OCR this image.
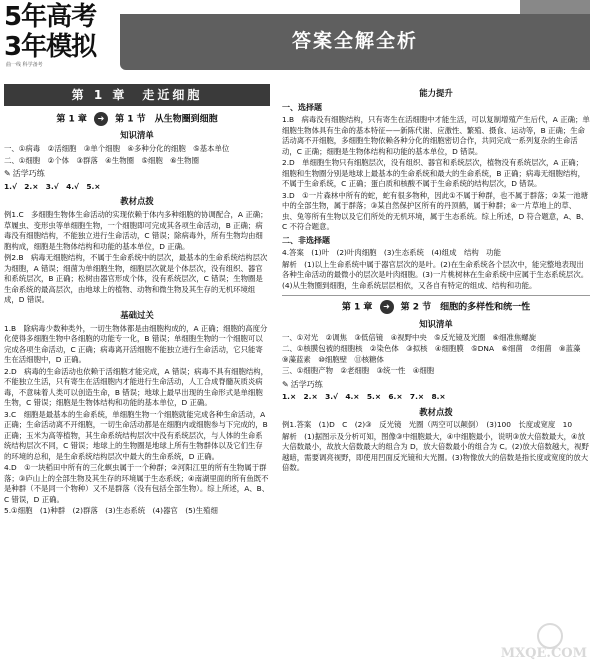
5年高考
3年模拟
曲一线 科学备考
答案全解全析
第 1 章　走近细胞
第 1 章 ➜ 第 1 节　从生物圈到细胞
知识清单

一、①病毒　②活细胞　③单个细胞　④多种分化的细胞　⑤基本单位

二、①细胞　②个体　③群落　④生物圈　⑤细胞　⑥生物圈

✎ 活学巧练

1.√　2.×　3.√　4.√　5.×

教材点拨

例1.C　多细胞生物体生命活动的实现依赖于体内多种细胞的协调配合，A 正确；草履虫、变形虫等单细胞生物，一个细胞即可完成其各项生命活动，B 正确；病毒没有细胞结构，不能独立进行生命活动，C 错误；除病毒外，所有生物均由细胞构成，细胞是生物体结构和功能的基本单位，D 正确。

例2.B　病毒无细胞结构，不属于生命系统中的层次，最基本的生命系统结构层次为细胞，A 错误；细菌为单细胞生物，细胞层次就是个体层次，没有组织、器官和系统层次，B 正确；松树由器官形成个体，没有系统层次，C 错误；生物圈是生命系统的最高层次，由地球上的植物、动物和微生物及其生存的无机环境组成，D 错误。

基础过关

1.B　除病毒少数种类外，一切生物体都是由细胞构成的，A 正确；细胞的高度分化使得多细胞生物中各细胞的功能专一化，B 错误；单细胞生物的一个细胞可以完成各项生命活动，C 正确；病毒离开活细胞不能独立进行生命活动，它只能寄生在活细胞中，D 正确。

2.D　病毒的生命活动也依赖于活细胞才能完成，A 错误；病毒不具有细胞结构，不能独立生活，只有寄生在活细胞内才能进行生命活动，人工合成脊髓灰质炎病毒，不意味着人类可以创造生命，B 错误；地球上最早出现的生命形式是单细胞生物，C 错误；细胞是生物体结构和功能的基本单位，D 正确。

3.C　细胞是最基本的生命系统，单细胞生物一个细胞就能完成各种生命活动，A 正确；生命活动离不开细胞，一切生命活动都是在细胞内或细胞参与下完成的，B 正确；玉米为高等植物，其生命系统结构层次中没有系统层次，与人体的生命系统结构层次不同，C 错误；地球上的生物圈是地球上所有生物群体以及它们生存的环境的总和，是生命系统结构层次中最大的生命系统，D 正确。

4.D　①一块稻田中所有的三化螟虫属于一个种群；②河阳江里的所有生物属于群落；③庐山上的全部生物及其生存的环境属于生态系统；④南湖里面的所有鱼既不是种群（不是同一个物种）又不是群落（没有包括全部生物）。综上所述，A、B、C 错误，D 正确。

5.①细胞　(1)种群　(2)群落　(3)生态系统　(4)器官　(5)生殖细

能力提升
一、选择题

1.B　病毒没有细胞结构，只有寄生在活细胞中才能生活，可以复制增殖产生后代，A 正确；单细胞生物体具有生命的基本特征——新陈代谢、应激性、繁殖、摄食、运动等，B 正确；生命活动离不开细胞，多细胞生物依赖各种分化的细胞密切合作，共同完成一系列复杂的生命活动，C 正确；细胞是生物体结构和功能的基本单位，D 错误。

2.D　单细胞生物只有细胞层次，没有组织、器官和系统层次，植物没有系统层次，A 正确；细胞和生物圈分别是地球上最基本的生命系统和最大的生命系统，B 正确；病毒无细胞结构，不属于生命系统，C 正确；蛋白质和核酸不属于生命系统的结构层次，D 错误。

3.D　①一片森林中所有的蛇，蛇有很多物种，因此①不属于种群，也不属于群落；②某一池塘中的全部生物，属于群落；③某自然保护区所有的丹顶鹤，属于种群；④一片草地上的草、虫、兔等所有生物以及它们所处的无机环境，属于生态系统。综上所述，D 符合题意，A、B、C 不符合题意。

二、非选择题

4.答案　(1)叶　(2)叶肉细胞　(3)生态系统　(4)组成　结构　功能

解析　(1)以上生命系统中属于器官层次的是叶。(2)在生命系统各个层次中，能完整地表现出各种生命活动的最微小的层次是叶肉细胞。(3)一片桃树林在生命系统中应属于生态系统层次。(4)从生物圈到细胞，生命系统层层相依，又各自有特定的组成、结构和功能。

第 1 章 ➜ 第 2 节　细胞的多样性和统一性
知识清单

一、①对光　②调焦　③低倍镜　④视野中央　⑤反光镜及光圈　⑥细准焦螺旋

二、①核膜包被的细胞核　②染色体　③拟核　④细胞膜　⑤DNA　⑥细菌　⑦细菌　⑧蓝藻　⑨藻蓝素　⑩细胞壁　⑪核糖体

三、①细胞产物　②老细胞　③统一性　④细胞

✎ 活学巧练

1.×　2.×　3.√　4.×　5.×　6.×　7.×　8.×

教材点拨

例1.答案　(1)D　C　(2)③　反光镜　光圈（两空可以颠倒）　(3)100　长度或宽度　10

解析　(1)据图示及分析可知，图像③中细胞最大，④中细胞最小，说明③放大倍数最大，④放大倍数最小，故放大倍数最大的组合为 D，放大倍数最小的组合为 C。(2)放大倍数越大，视野越暗，需要调亮视野，即使用凹面反光镜和大光圈。(3)物像放大的倍数是指长度或宽度的放大倍数。

MXQE.COM
